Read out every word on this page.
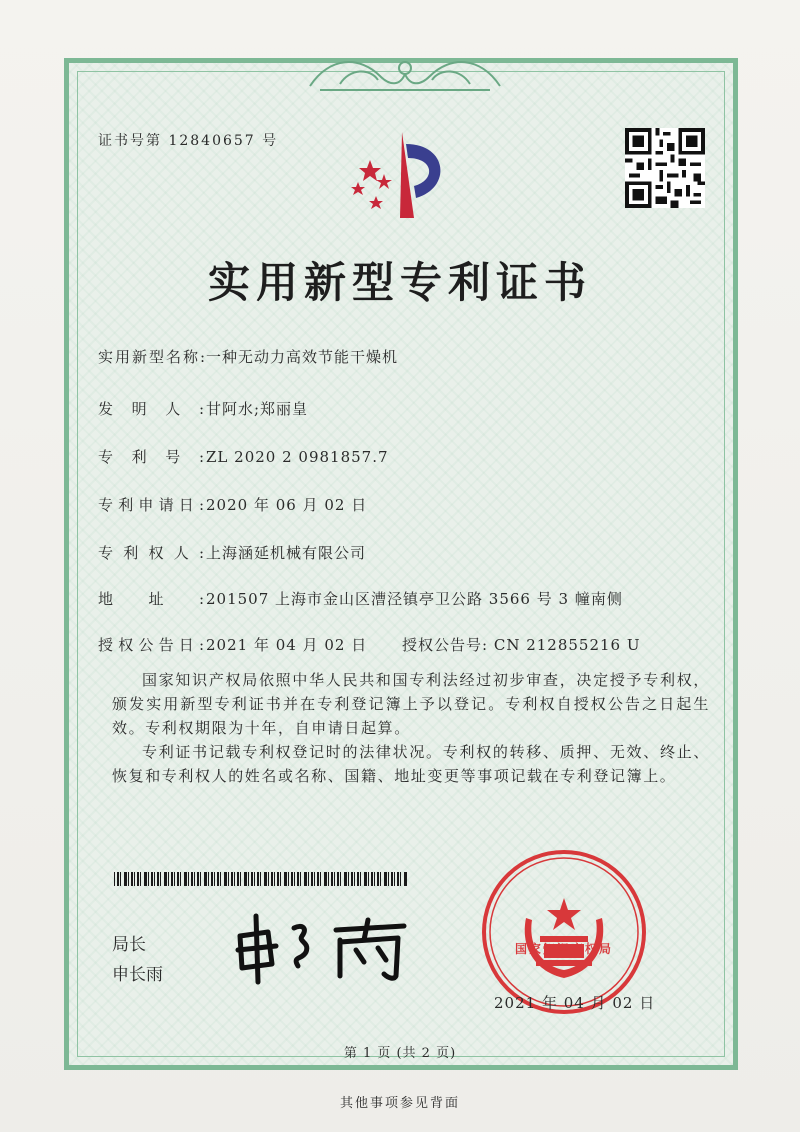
证书号第 12840657 号
实用新型专利证书
实用新型名称:一种无动力高效节能干燥机
发明人:甘阿水;郑丽皇
专利号:ZL 2020 2 0981857.7
专利申请日:2020 年 06 月 02 日
专利权人:上海涵延机械有限公司
地址:201507 上海市金山区漕泾镇亭卫公路 3566 号 3 幢南侧
授权公告日:2021 年 04 月 02 日 授权公告号: CN 212855216 U
国家知识产权局依照中华人民共和国专利法经过初步审查，决定授予专利权，颁发实用新型专利证书并在专利登记簿上予以登记。专利权自授权公告之日起生效。专利权期限为十年，自申请日起算。
专利证书记载专利权登记时的法律状况。专利权的转移、质押、无效、终止、恢复和专利权人的姓名或名称、国籍、地址变更等事项记载在专利登记簿上。
局长
申长雨
国家知识产权局
2021 年 04 月 02 日
第 1 页 (共 2 页)
其他事项参见背面
